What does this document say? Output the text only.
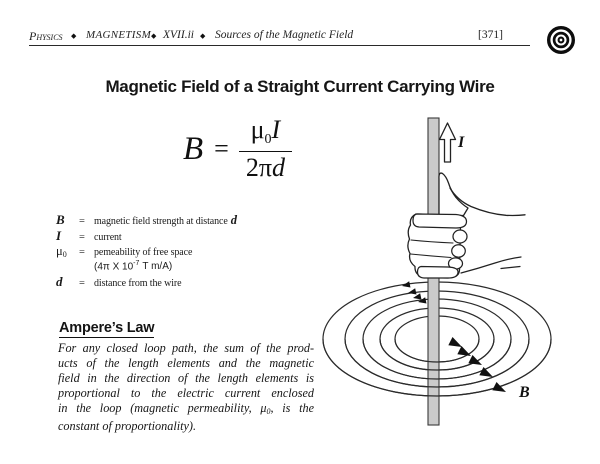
Physics ◆ MAGNETISM ◆ XVII.ii ◆ Sources of the Magnetic Field	[371]
Magnetic Field of a Straight Current Carrying Wire
$B = \frac{\mu 0I}{2\pi d}$
B	= magnetic field strength at distance d
I	= current
μ0	= pemeability of free space
(4π X $10^{-7}$ T m/A)
d	= distance from the wire
Ampere’s Law
For any closed loop path, the sum of the prod-
ucts of the length elements and the magnetic
field in the direction of the length elements is
proportional to the electric current enclosed
in the loop (magnetic permeability, μ0, is the
constant of proportionality).
I
B
